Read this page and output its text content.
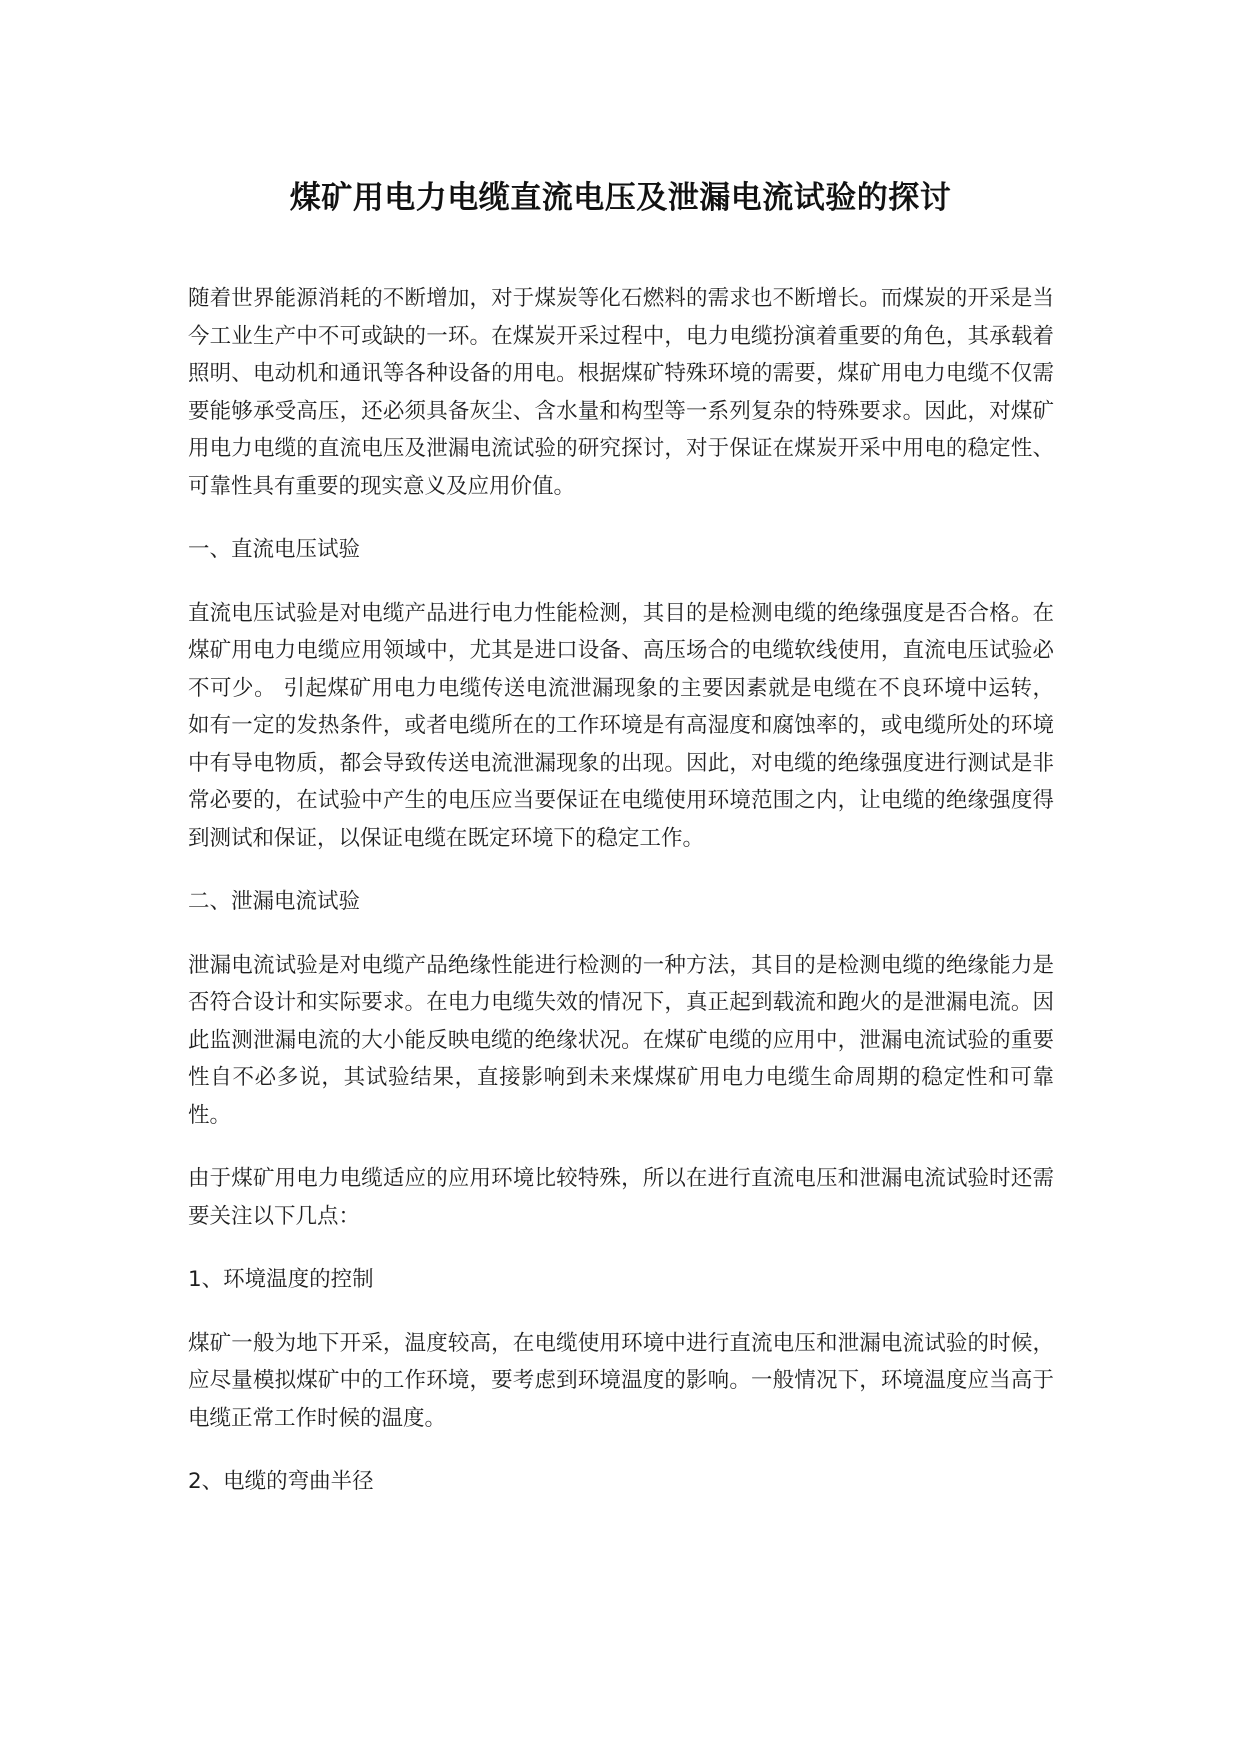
煤矿用电力电缆直流电压及泄漏电流试验的探讨

随着世界能源消耗的不断增加，对于煤炭等化石燃料的需求也不断增长。而煤炭的开采是当今工业生产中不可或缺的一环。在煤炭开采过程中，电力电缆扮演着重要的角色，其承载着照明、电动机和通讯等各种设备的用电。根据煤矿特殊环境的需要，煤矿用电力电缆不仅需要能够承受高压，还必须具备灰尘、含水量和构型等一系列复杂的特殊要求。因此，对煤矿用电力电缆的直流电压及泄漏电流试验的研究探讨，对于保证在煤炭开采中用电的稳定性、可靠性具有重要的现实意义及应用价值。

一、直流电压试验

直流电压试验是对电缆产品进行电力性能检测，其目的是检测电缆的绝缘强度是否合格。在煤矿用电力电缆应用领域中，尤其是进口设备、高压场合的电缆软线使用，直流电压试验必不可少。 引起煤矿用电力电缆传送电流泄漏现象的主要因素就是电缆在不良环境中运转，如有一定的发热条件，或者电缆所在的工作环境是有高湿度和腐蚀率的，或电缆所处的环境中有导电物质，都会导致传送电流泄漏现象的出现。因此，对电缆的绝缘强度进行测试是非常必要的，在试验中产生的电压应当要保证在电缆使用环境范围之内，让电缆的绝缘强度得到测试和保证，以保证电缆在既定环境下的稳定工作。

二、泄漏电流试验

泄漏电流试验是对电缆产品绝缘性能进行检测的一种方法，其目的是检测电缆的绝缘能力是否符合设计和实际要求。在电力电缆失效的情况下，真正起到载流和跑火的是泄漏电流。因此监测泄漏电流的大小能反映电缆的绝缘状况。在煤矿电缆的应用中，泄漏电流试验的重要性自不必多说，其试验结果，直接影响到未来煤煤矿用电力电缆生命周期的稳定性和可靠性。

由于煤矿用电力电缆适应的应用环境比较特殊，所以在进行直流电压和泄漏电流试验时还需要关注以下几点：

1、环境温度的控制

煤矿一般为地下开采，温度较高，在电缆使用环境中进行直流电压和泄漏电流试验的时候，应尽量模拟煤矿中的工作环境，要考虑到环境温度的影响。一般情况下，环境温度应当高于电缆正常工作时候的温度。

2、电缆的弯曲半径
